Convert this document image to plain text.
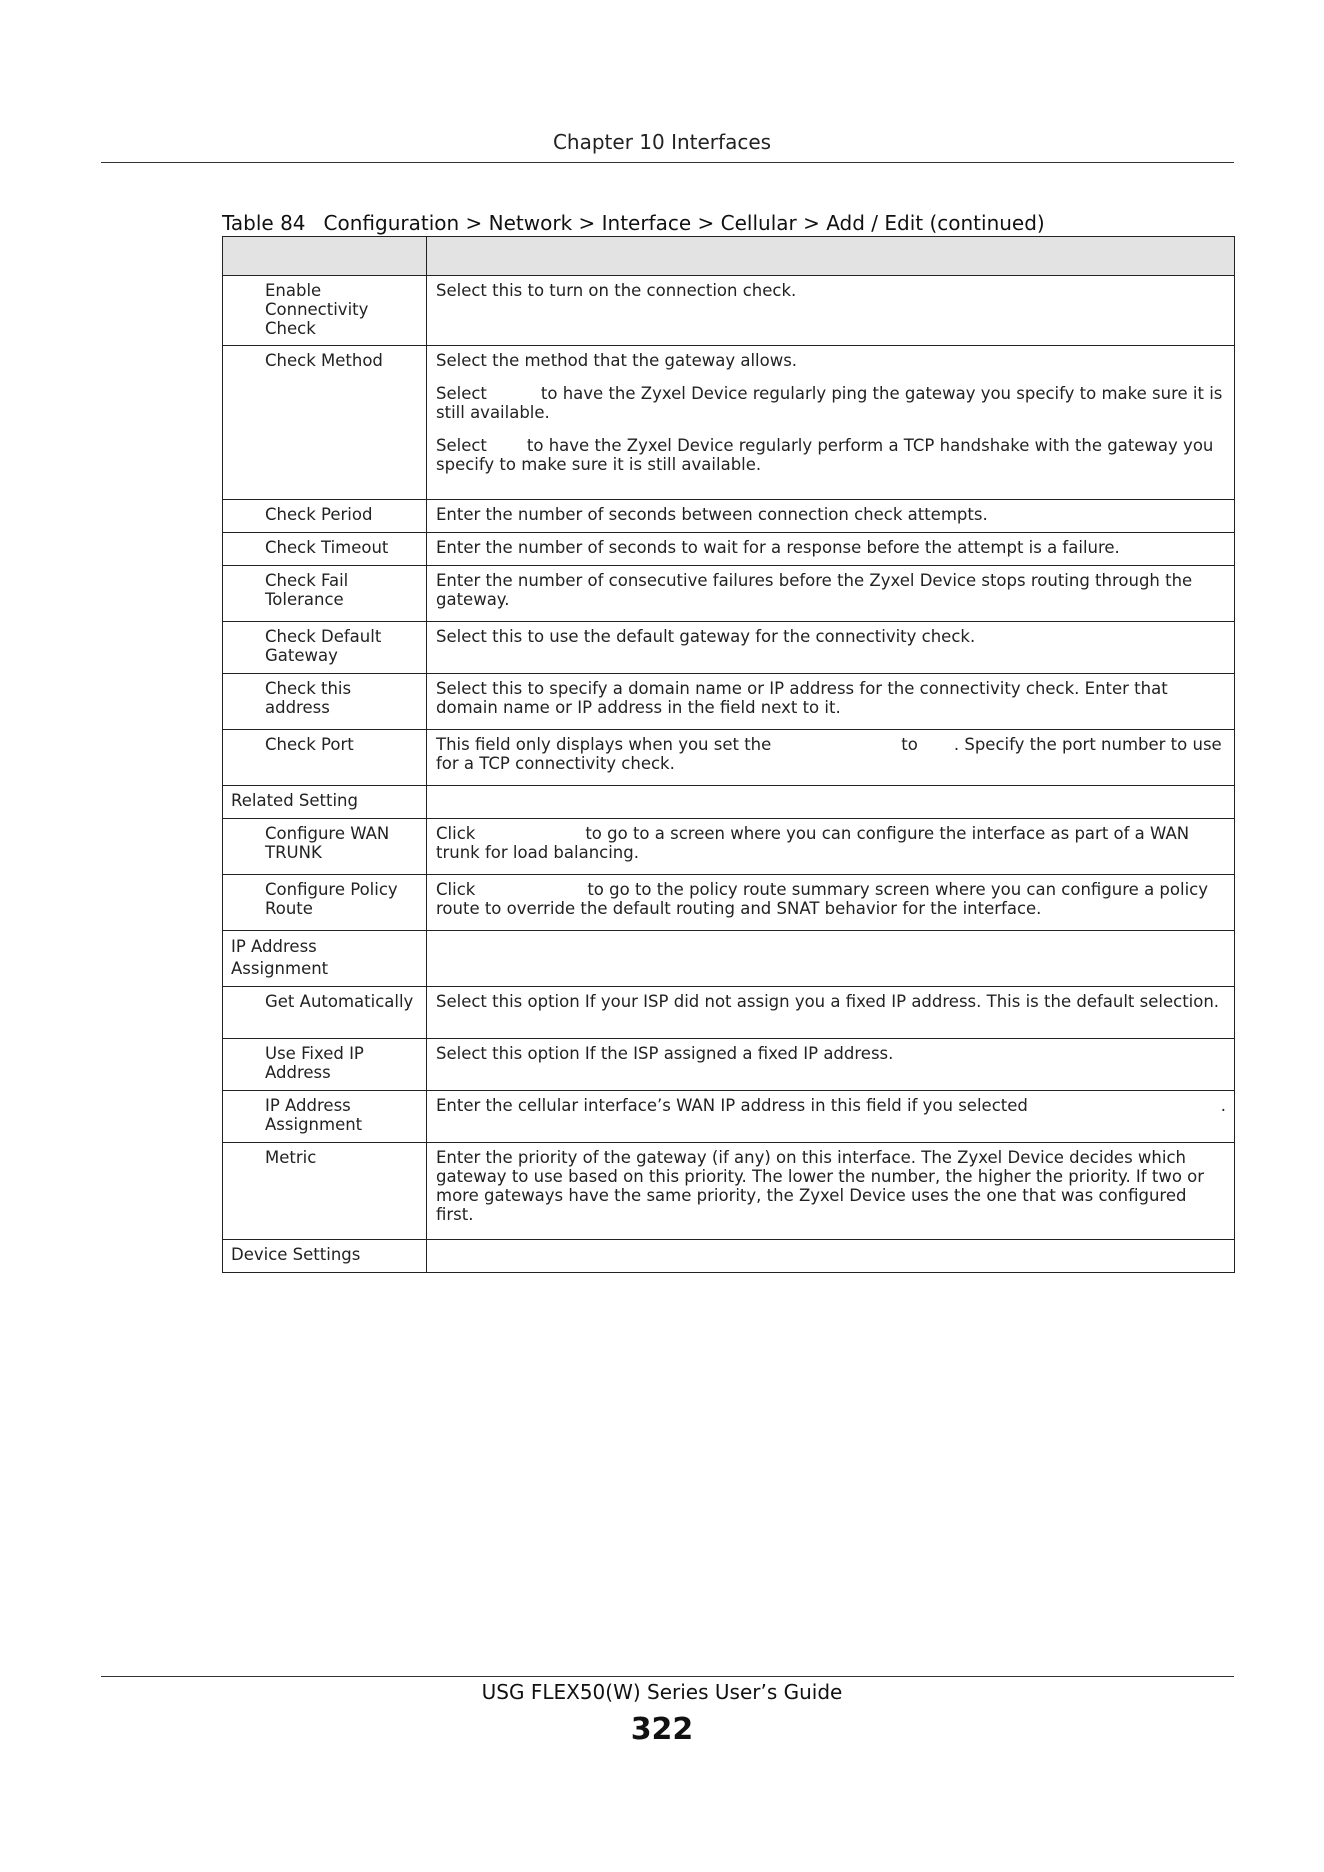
Chapter 10 Interfaces
Table 84 Configuration > Network > Interface > Cellular > Add / Edit (continued)

Enable Connectivity Check	Select this to turn on the connection check.
Check Method	Select the method that the gateway allows.

Select to have the Zyxel Device regularly ping the gateway you specify to make sure it is still available.

Select to have the Zyxel Device regularly perform a TCP handshake with the gateway you specify to make sure it is still available.

Check Period	Enter the number of seconds between connection check attempts.
Check Timeout	Enter the number of seconds to wait for a response before the attempt is a failure.
Check Fail Tolerance	Enter the number of consecutive failures before the Zyxel Device stops routing through the gateway.
Check Default Gateway	Select this to use the default gateway for the connectivity check.
Check this address	Select this to specify a domain name or IP address for the connectivity check. Enter that domain name or IP address in the field next to it.
Check Port	This field only displays when you set the to . Specify the port number to use for a TCP connectivity check.
Related Setting	
Configure WAN TRUNK	Click to go to a screen where you can configure the interface as part of a WAN trunk for load balancing.
Configure Policy Route	Click to go to the policy route summary screen where you can configure a policy route to override the default routing and SNAT behavior for the interface.
IP Address Assignment	
Get Automatically	Select this option If your ISP did not assign you a fixed IP address. This is the default selection.
Use Fixed IP Address	Select this option If the ISP assigned a fixed IP address.
IP Address Assignment	Enter the cellular interface’s WAN IP address in this field if you selected .

Metric	Enter the priority of the gateway (if any) on this interface. The Zyxel Device decides which gateway to use based on this priority. The lower the number, the higher the priority. If two or more gateways have the same priority, the Zyxel Device uses the one that was configured first.
Device Settings	
USG FLEX50(W) Series User’s Guide
322
